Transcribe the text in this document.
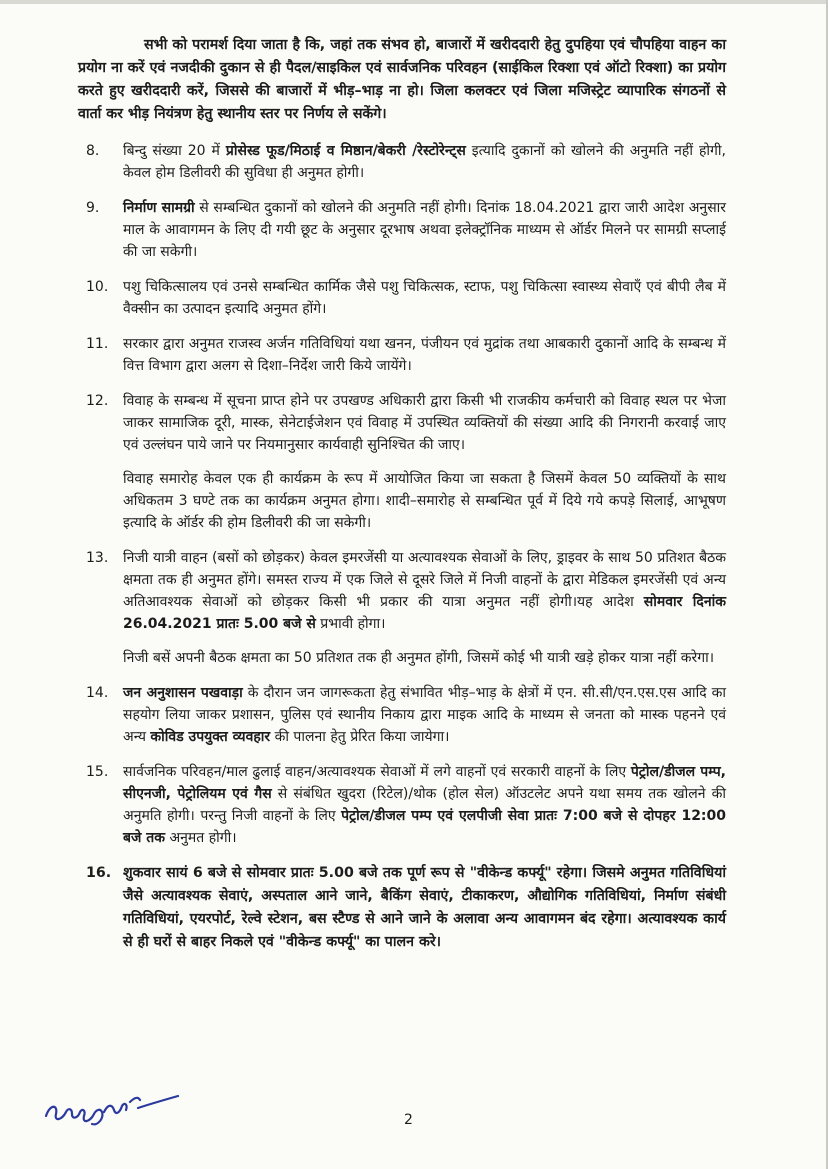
सभी को परामर्श दिया जाता है कि, जहां तक संभव हो, बाजारों में खरीददारी हेतु दुपहिया एवं चौपहिया वाहन का प्रयोग ना करें एवं नजदीकी दुकान से ही पैदल/साइकिल एवं सार्वजनिक परिवहन (साईकिल रिक्शा एवं ऑटो रिक्शा) का प्रयोग करते हुए खरीददारी करें, जिससे की बाजारों में भीड़–भाड़ ना हो। जिला कलक्टर एवं जिला मजिस्ट्रेट व्यापारिक संगठनों से वार्ता कर भीड़ नियंत्रण हेतु स्थानीय स्तर पर निर्णय ले सकेंगे।

8. बिन्दु संख्या 20 में प्रोसेस्ड फूड/मिठाई व मिष्ठान/बेकरी /रेस्टोरेन्ट्स इत्यादि दुकानों को खोलने की अनुमति नहीं होगी, केवल होम डिलीवरी की सुविधा ही अनुमत होगी।

9. निर्माण सामग्री से सम्बन्धित दुकानों को खोलने की अनुमति नहीं होगी। दिनांक 18.04.2021 द्वारा जारी आदेश अनुसार माल के आवागमन के लिए दी गयी छूट के अनुसार दूरभाष अथवा इलेक्ट्रॉनिक माध्यम से ऑर्डर मिलने पर सामग्री सप्लाई की जा सकेगी।

10. पशु चिकित्सालय एवं उनसे सम्बन्धित कार्मिक जैसे पशु चिकित्सक, स्टाफ, पशु चिकित्सा स्वास्थ्य सेवाएँ एवं बीपी लैब में वैक्सीन का उत्पादन इत्यादि अनुमत होंगे।

11. सरकार द्वारा अनुमत राजस्व अर्जन गतिविधियां यथा खनन, पंजीयन एवं मुद्रांक तथा आबकारी दुकानों आदि के सम्बन्ध में वित्त विभाग द्वारा अलग से दिशा–निर्देश जारी किये जायेंगे।

12. विवाह के सम्बन्ध में सूचना प्राप्त होने पर उपखण्ड अधिकारी द्वारा किसी भी राजकीय कर्मचारी को विवाह स्थल पर भेजा जाकर सामाजिक दूरी, मास्क, सेनेटाईजेशन एवं विवाह में उपस्थित व्यक्तियों की संख्या आदि की निगरानी करवाई जाए एवं उल्लंघन पाये जाने पर नियमानुसार कार्यवाही सुनिश्चित की जाए।

विवाह समारोह केवल एक ही कार्यक्रम के रूप में आयोजित किया जा सकता है जिसमें केवल 50 व्यक्तियों के साथ अधिकतम 3 घण्टे तक का कार्यक्रम अनुमत होगा। शादी–समारोह से सम्बन्धित पूर्व में दिये गये कपड़े सिलाई, आभूषण इत्यादि के ऑर्डर की होम डिलीवरी की जा सकेगी।

13. निजी यात्री वाहन (बसों को छोड़कर) केवल इमरजेंसी या अत्यावश्यक सेवाओं के लिए, ड्राइवर के साथ 50 प्रतिशत बैठक क्षमता तक ही अनुमत होंगे। समस्त राज्य में एक जिले से दूसरे जिले में निजी वाहनों के द्वारा मेडिकल इमरजेंसी एवं अन्य अतिआवश्यक सेवाओं को छोड़कर किसी भी प्रकार की यात्रा अनुमत नहीं होगी।यह आदेश सोमवार दिनांक 26.04.2021 प्रातः 5.00 बजे से प्रभावी होगा।

निजी बसें अपनी बैठक क्षमता का 50 प्रतिशत तक ही अनुमत होंगी, जिसमें कोई भी यात्री खड़े होकर यात्रा नहीं करेगा।

14. जन अनुशासन पखवाड़ा के दौरान जन जागरूकता हेतु संभावित भीड़–भाड़ के क्षेत्रों में एन. सी.सी/एन.एस.एस आदि का सहयोग लिया जाकर प्रशासन, पुलिस एवं स्थानीय निकाय द्वारा माइक आदि के माध्यम से जनता को मास्क पहनने एवं अन्य कोविड उपयुक्त व्यवहार की पालना हेतु प्रेरित किया जायेगा।

15. सार्वजनिक परिवहन/माल ढुलाई वाहन/अत्यावश्यक सेवाओं में लगे वाहनों एवं सरकारी वाहनों के लिए पेट्रोल/डीजल पम्प, सीएनजी, पेट्रोलियम एवं गैस से संबंधित खुदरा (रिटेल)/थोक (होल सेल) ऑउटलेट अपने यथा समय तक खोलने की अनुमति होगी। परन्तु निजी वाहनों के लिए पेट्रोल/डीजल पम्प एवं एलपीजी सेवा प्रातः 7:00 बजे से दोपहर 12:00 बजे तक अनुमत होगी।

16. शुकवार सायं 6 बजे से सोमवार प्रातः 5.00 बजे तक पूर्ण रूप से "वीकेन्ड कर्फ्यू" रहेगा। जिसमे अनुमत गतिविधियां जैसे अत्यावश्यक सेवाएं, अस्पताल आने जाने, बैकिंग सेवाएं, टीकाकरण, औद्योगिक गतिविधियां, निर्माण संबंधी गतिविधियां, एयरपोर्ट, रेल्वे स्टेशन, बस स्टैण्ड से आने जाने के अलावा अन्य आवागमन बंद रहेगा। अत्यावश्यक कार्य से ही घरों से बाहर निकले एवं "वीकेन्ड कर्फ्यू" का पालन करे।

2
